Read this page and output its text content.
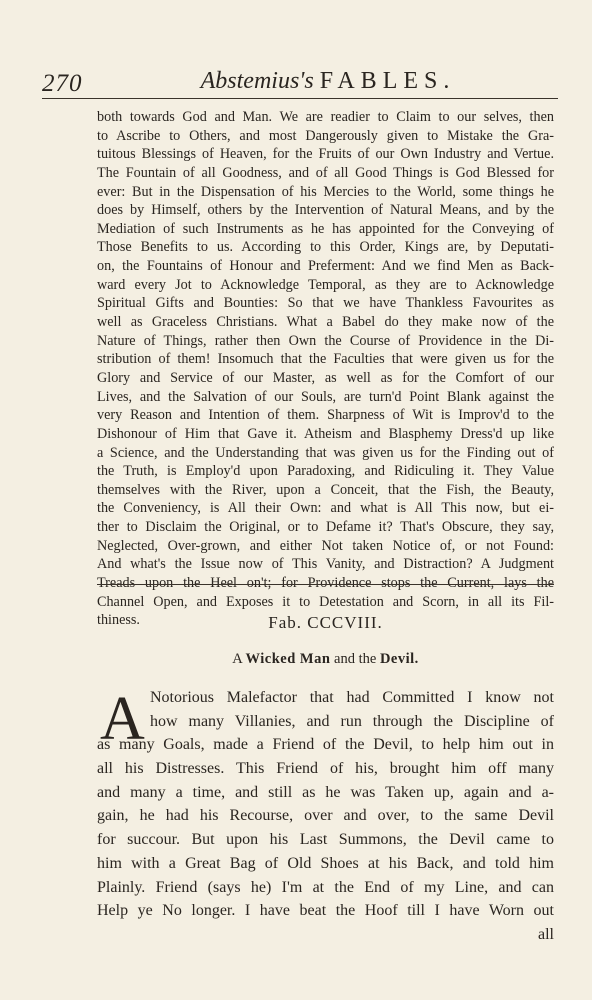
270	Abstemius's FABLES.
both towards God and Man. We are readier to Claim to our selves, then
to Ascribe to Others, and most Dangerously given to Mistake the Gra-
tuitous Blessings of Heaven, for the Fruits of our Own Industry and Vertue.
The Fountain of all Goodness, and of all Good Things is God Blessed for
ever: But in the Dispensation of his Mercies to the World, some things he
does by Himself, others by the Intervention of Natural Means, and by the
Mediation of such Instruments as he has appointed for the Conveying of
Those Benefits to us. According to this Order, Kings are, by Deputati-
on, the Fountains of Honour and Preferment: And we find Men as Back-
ward every Jot to Acknowledge Temporal, as they are to Acknowledge
Spiritual Gifts and Bounties: So that we have Thankless Favourites as
well as Graceless Christians. What a Babel do they make now of the
Nature of Things, rather then Own the Course of Providence in the Di-
stribution of them! Insomuch that the Faculties that were given us for the
Glory and Service of our Master, as well as for the Comfort of our
Lives, and the Salvation of our Souls, are turn'd Point Blank against the
very Reason and Intention of them. Sharpness of Wit is Improv'd to the
Dishonour of Him that Gave it. Atheism and Blasphemy Dress'd up like
a Science, and the Understanding that was given us for the Finding out of
the Truth, is Employ'd upon Paradoxing, and Ridiculing it. They Value
themselves with the River, upon a Conceit, that the Fish, the Beauty,
the Conveniency, is All their Own: and what is All This now, but ei-
ther to Disclaim the Original, or to Defame it? That's Obscure, they say,
Neglected, Over-grown, and either Not taken Notice of, or not Found:
And what's the Issue now of This Vanity, and Distraction? A Judgment
Treads upon the Heel on't; for Providence stops the Current, lays the
Channel Open, and Exposes it to Detestation and Scorn, in all its Fil-
thiness.	Fab. CCCVIII.
A Wicked Man and the Devil.
A Notorious Malefactor that had Committed I know not
how many Villanies, and run through the Discipline of
as many Goals, made a Friend of the Devil, to help him out in
all his Distresses. This Friend of his, brought him off many
and many a time, and still as he was Taken up, again and a-
gain, he had his Recourse, over and over, to the same Devil
for succour. But upon his Last Summons, the Devil came to
him with a Great Bag of Old Shoes at his Back, and told him
Plainly. Friend (says he) I'm at the End of my Line, and can
Help ye No longer. I have beat the Hoof till I have Worn out
all
